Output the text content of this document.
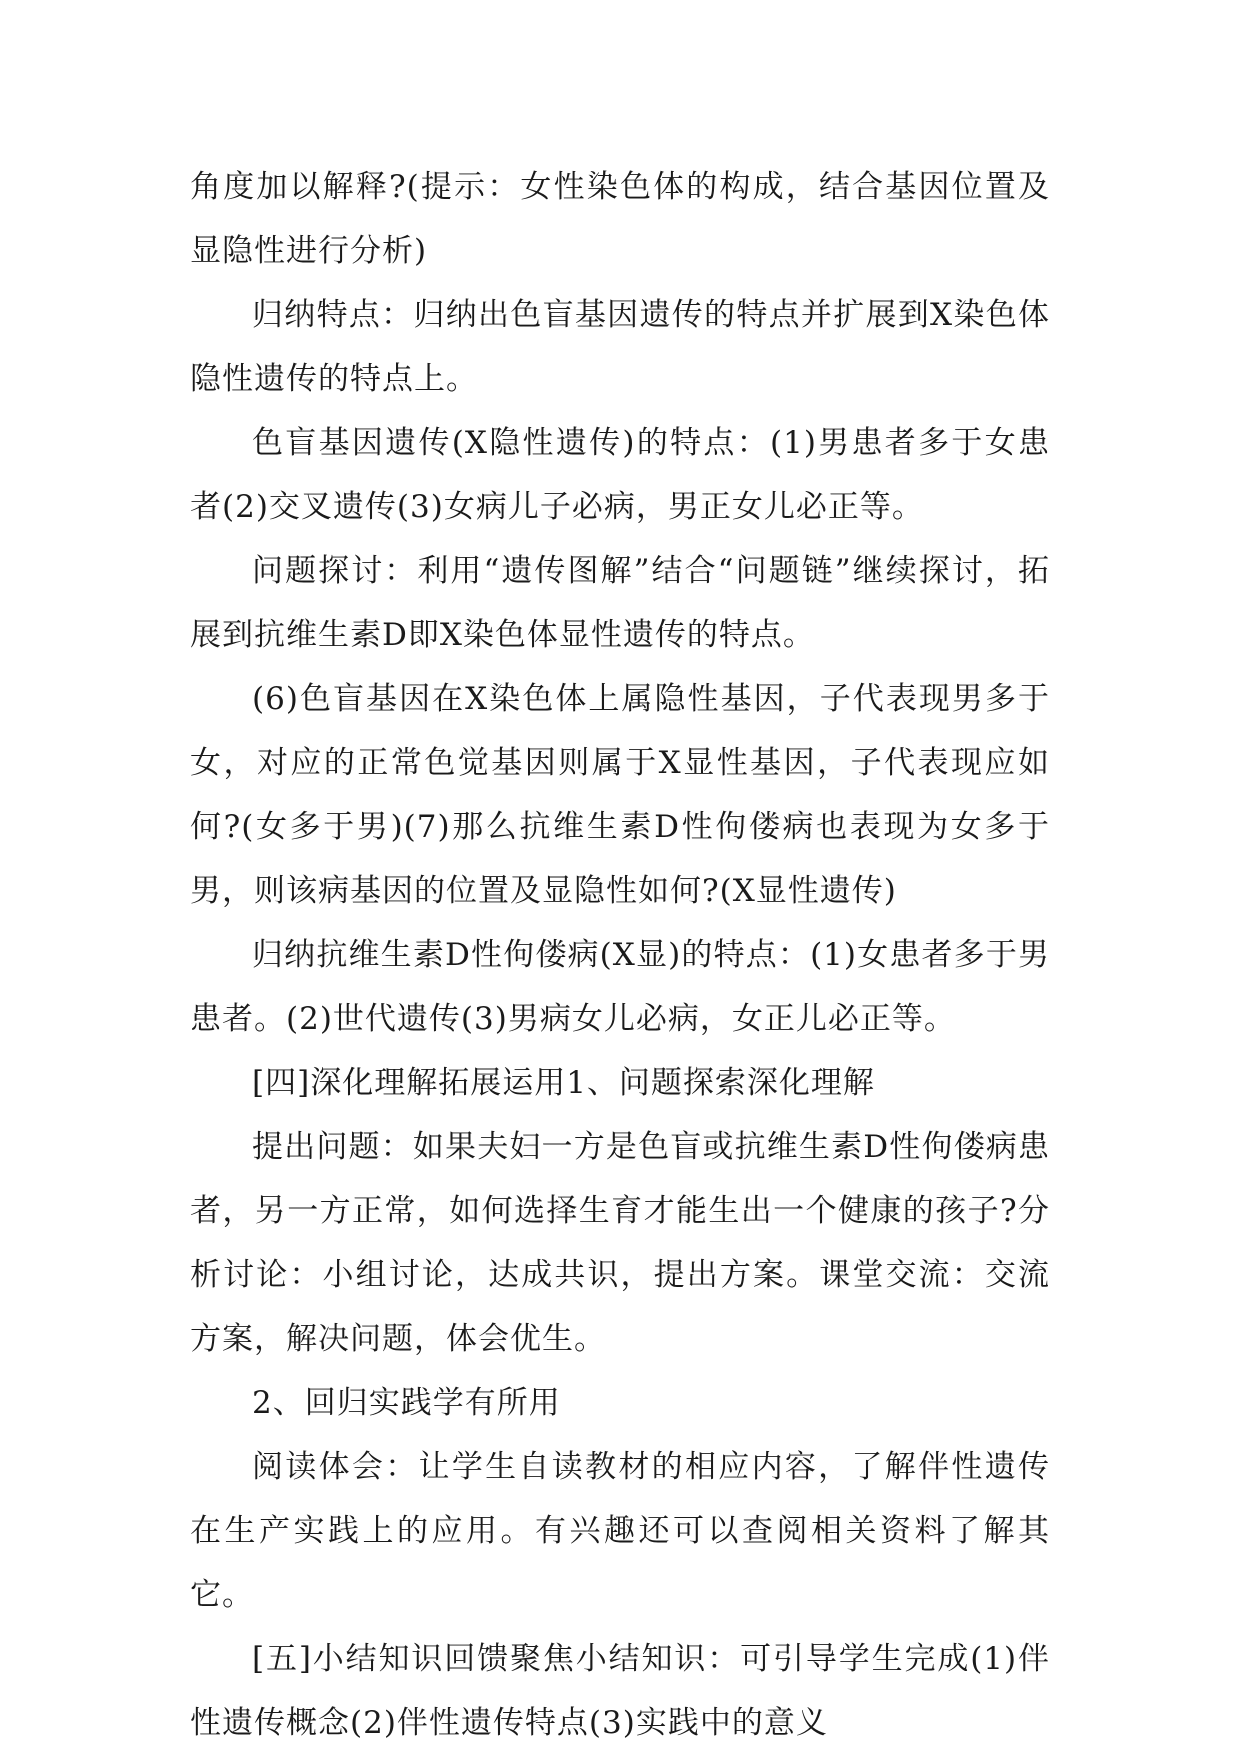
角度加以解释?(提示：女性染色体的构成，结合基因位置及显隐性进行分析)

归纳特点：归纳出色盲基因遗传的特点并扩展到X染色体隐性遗传的特点上。

色盲基因遗传(X隐性遗传)的特点：(1)男患者多于女患者(2)交叉遗传(3)女病儿子必病，男正女儿必正等。

问题探讨：利用“遗传图解”结合“问题链”继续探讨，拓展到抗维生素D即X染色体显性遗传的特点。

(6)色盲基因在X染色体上属隐性基因，子代表现男多于女，对应的正常色觉基因则属于X显性基因，子代表现应如何?(女多于男)(7)那么抗维生素D性佝偻病也表现为女多于男，则该病基因的位置及显隐性如何?(X显性遗传)

归纳抗维生素D性佝偻病(X显)的特点：(1)女患者多于男患者。(2)世代遗传(3)男病女儿必病，女正儿必正等。

[四]深化理解拓展运用1、问题探索深化理解

提出问题：如果夫妇一方是色盲或抗维生素D性佝偻病患者，另一方正常，如何选择生育才能生出一个健康的孩子?分析讨论：小组讨论，达成共识，提出方案。课堂交流：交流方案，解决问题，体会优生。

2、回归实践学有所用

阅读体会：让学生自读教材的相应内容，了解伴性遗传在生产实践上的应用。有兴趣还可以查阅相关资料了解其它。

[五]小结知识回馈聚焦小结知识：可引导学生完成(1)伴性遗传概念(2)伴性遗传特点(3)实践中的意义
